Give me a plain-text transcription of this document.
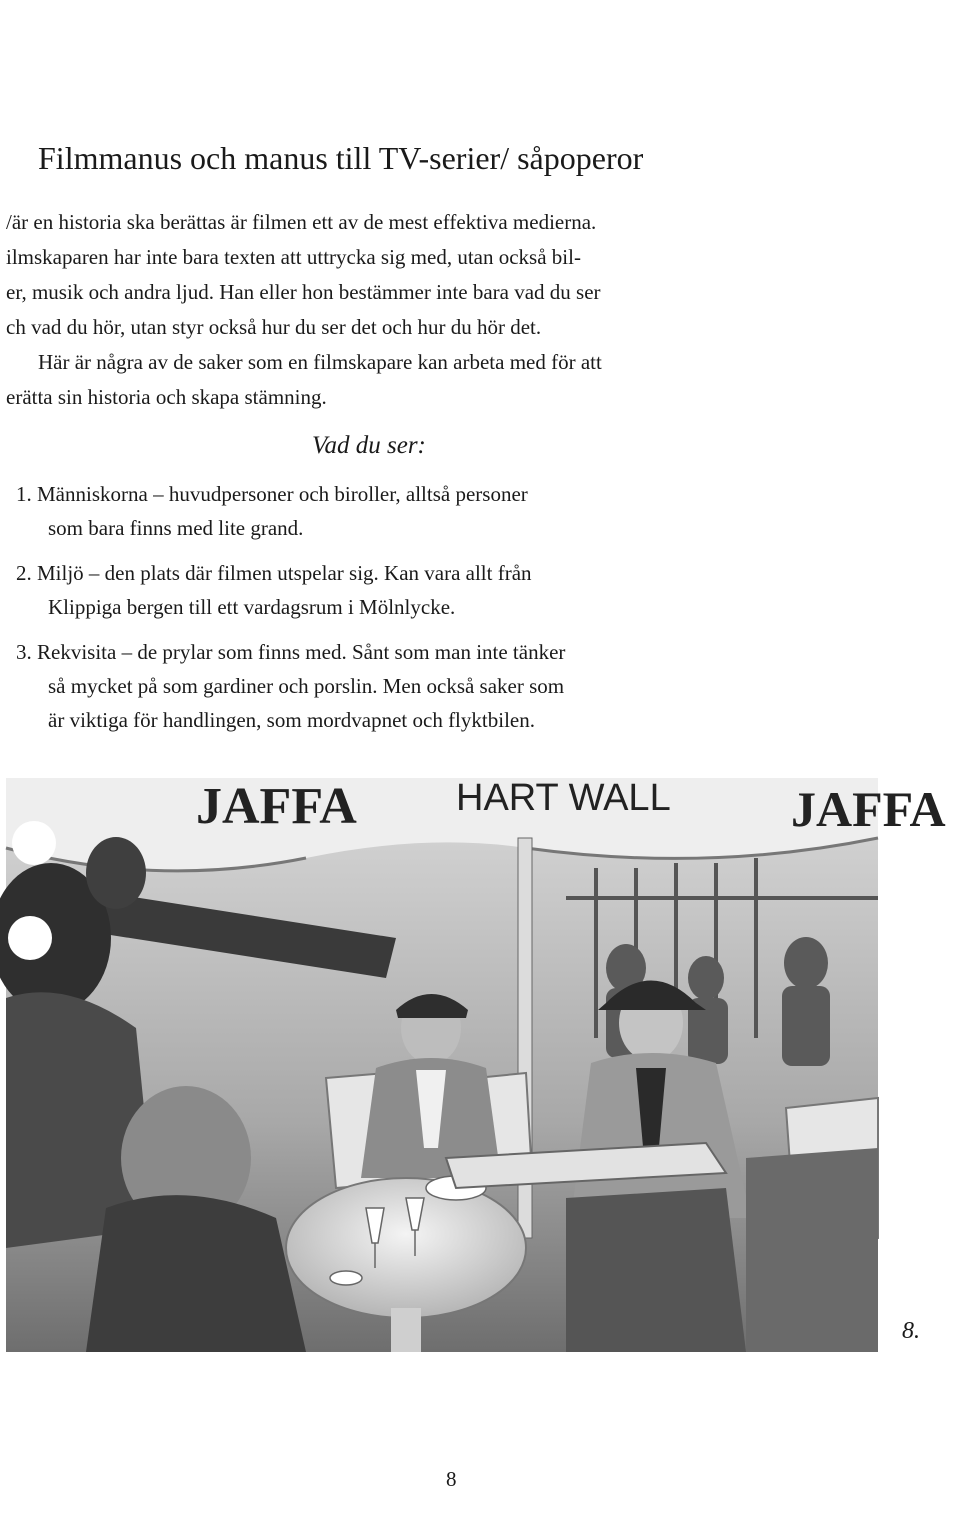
Filmmanus och manus till TV-serier/ såpoperor

/är en historia ska berättas är filmen ett av de mest effektiva medierna.

ilmskaparen har inte bara texten att uttrycka sig med, utan också bil-

er, musik och andra ljud. Han eller hon bestämmer inte bara vad du ser

ch vad du hör, utan styr också hur du ser det och hur du hör det.

Här är några av de saker som en filmskapare kan arbeta med för att

erätta sin historia och skapa stämning.

Vad du ser:
1. Människorna – huvudpersoner och biroller, alltså personer
som bara finns med lite grand.
2. Miljö – den plats där filmen utspelar sig. Kan vara allt från
Klippiga bergen till ett vardagsrum i Mölnlycke.
3. Rekvisita – de prylar som finns med. Sånt som man inte tänker
så mycket på som gardiner och porslin. Men också saker som
är viktiga för handlingen, som mordvapnet och flyktbilen.
JAFFA	HART WALL JAFFA
8.
8
